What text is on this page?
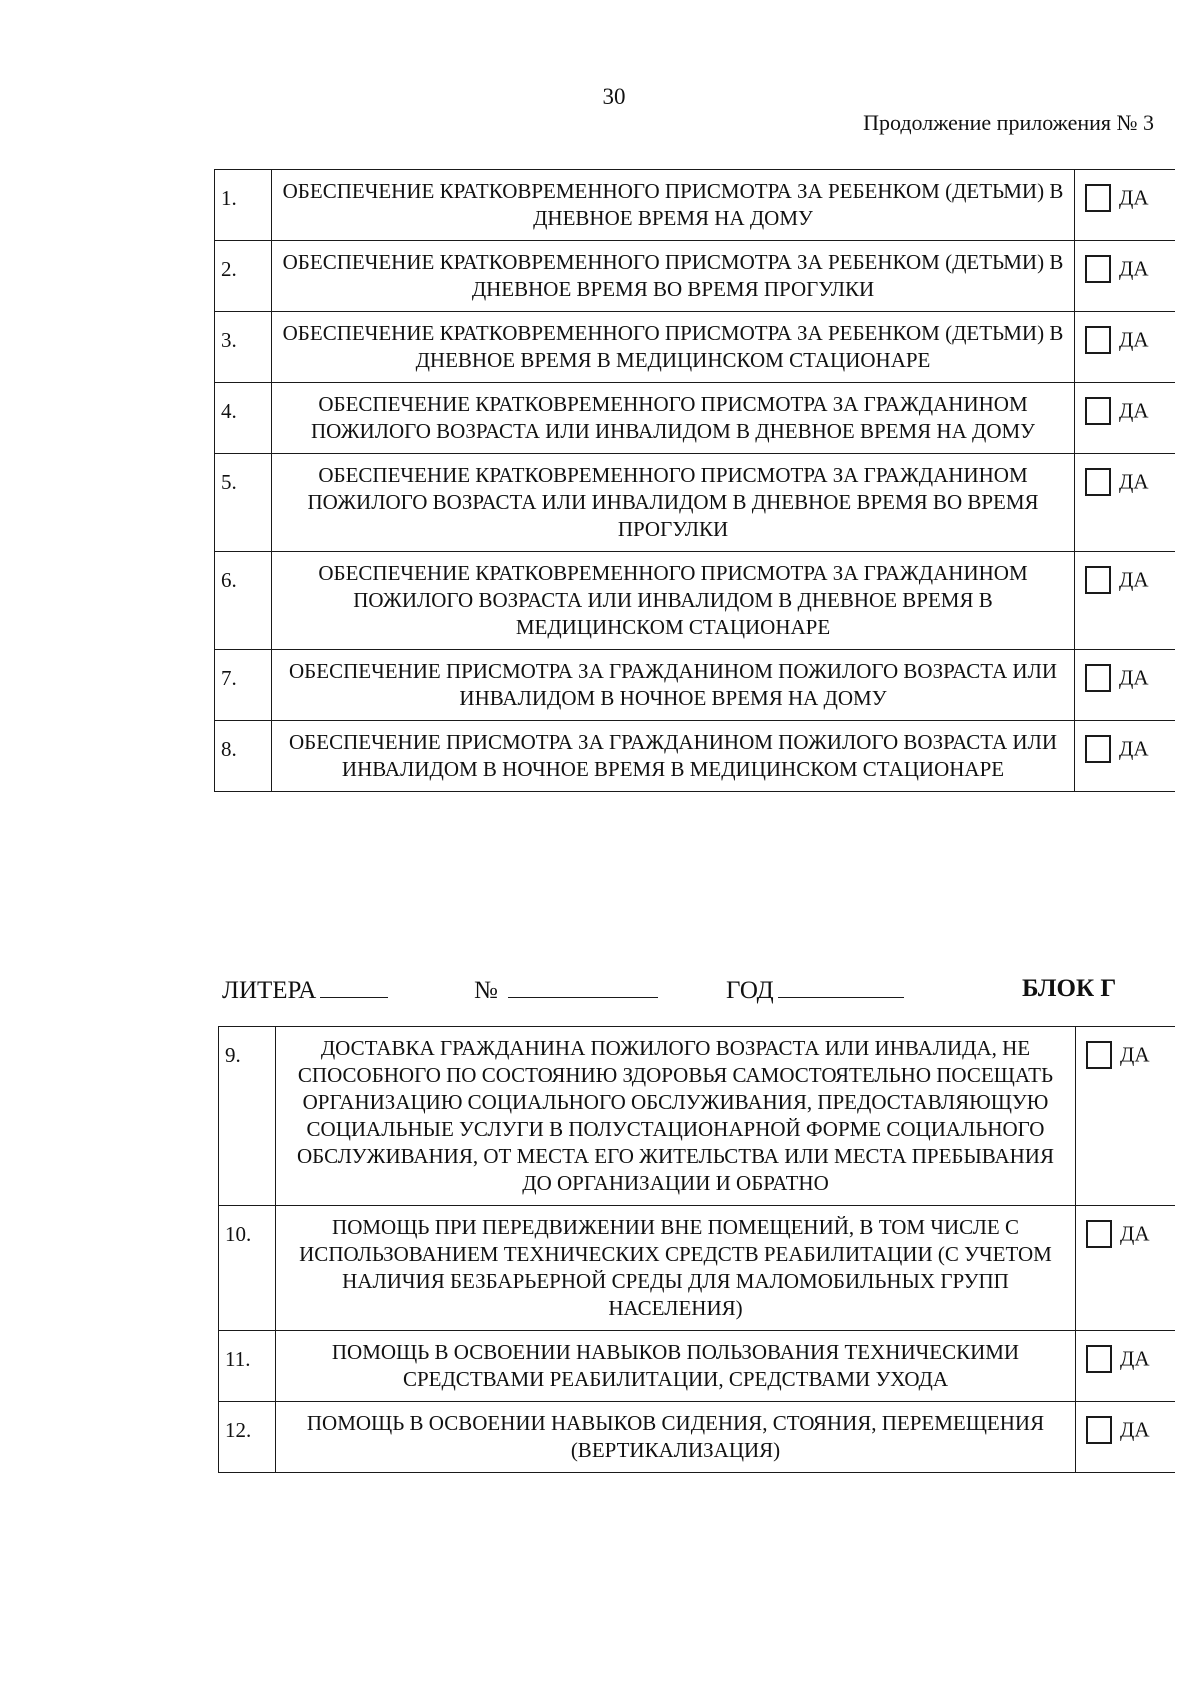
30
Продолжение приложения № 3
1.	ОБЕСПЕЧЕНИЕ КРАТКОВРЕМЕННОГО ПРИСМОТРА ЗА РЕБЕНКОМ (ДЕТЬМИ) В ДНЕВНОЕ ВРЕМЯ НА ДОМУ	ДА
2.	ОБЕСПЕЧЕНИЕ КРАТКОВРЕМЕННОГО ПРИСМОТРА ЗА РЕБЕНКОМ (ДЕТЬМИ) В ДНЕВНОЕ ВРЕМЯ ВО ВРЕМЯ ПРОГУЛКИ	ДА
3.	ОБЕСПЕЧЕНИЕ КРАТКОВРЕМЕННОГО ПРИСМОТРА ЗА РЕБЕНКОМ (ДЕТЬМИ) В ДНЕВНОЕ ВРЕМЯ В МЕДИЦИНСКОМ СТАЦИОНАРЕ	ДА
4.	ОБЕСПЕЧЕНИЕ КРАТКОВРЕМЕННОГО ПРИСМОТРА ЗА ГРАЖДАНИНОМ ПОЖИЛОГО ВОЗРАСТА ИЛИ ИНВАЛИДОМ В ДНЕВНОЕ ВРЕМЯ НА ДОМУ	ДА
5.	ОБЕСПЕЧЕНИЕ КРАТКОВРЕМЕННОГО ПРИСМОТРА ЗА ГРАЖДАНИНОМ ПОЖИЛОГО ВОЗРАСТА ИЛИ ИНВАЛИДОМ В ДНЕВНОЕ ВРЕМЯ ВО ВРЕМЯ ПРОГУЛКИ	ДА
6.	ОБЕСПЕЧЕНИЕ КРАТКОВРЕМЕННОГО ПРИСМОТРА ЗА ГРАЖДАНИНОМ ПОЖИЛОГО ВОЗРАСТА ИЛИ ИНВАЛИДОМ В ДНЕВНОЕ ВРЕМЯ В МЕДИЦИНСКОМ СТАЦИОНАРЕ	ДА
7.	ОБЕСПЕЧЕНИЕ ПРИСМОТРА ЗА ГРАЖДАНИНОМ ПОЖИЛОГО ВОЗРАСТА ИЛИ ИНВАЛИДОМ В НОЧНОЕ ВРЕМЯ НА ДОМУ	ДА
8.	ОБЕСПЕЧЕНИЕ ПРИСМОТРА ЗА ГРАЖДАНИНОМ ПОЖИЛОГО ВОЗРАСТА ИЛИ ИНВАЛИДОМ В НОЧНОЕ ВРЕМЯ В МЕДИЦИНСКОМ СТАЦИОНАРЕ	ДА
ЛИТЕРА	№	ГОД	БЛОК Г
9.	ДОСТАВКА ГРАЖДАНИНА ПОЖИЛОГО ВОЗРАСТА ИЛИ ИНВАЛИДА, НЕ СПОСОБНОГО ПО СОСТОЯНИЮ ЗДОРОВЬЯ САМОСТОЯТЕЛЬНО ПОСЕЩАТЬ ОРГАНИЗАЦИЮ СОЦИАЛЬНОГО ОБСЛУЖИВАНИЯ, ПРЕДОСТАВЛЯЮЩУЮ СОЦИАЛЬНЫЕ УСЛУГИ В ПОЛУСТАЦИОНАРНОЙ ФОРМЕ СОЦИАЛЬНОГО ОБСЛУЖИВАНИЯ, ОТ МЕСТА ЕГО ЖИТЕЛЬСТВА ИЛИ МЕСТА ПРЕБЫВАНИЯ ДО ОРГАНИЗАЦИИ И ОБРАТНО	ДА
10.	ПОМОЩЬ ПРИ ПЕРЕДВИЖЕНИИ ВНЕ ПОМЕЩЕНИЙ, В ТОМ ЧИСЛЕ С ИСПОЛЬЗОВАНИЕМ ТЕХНИЧЕСКИХ СРЕДСТВ РЕАБИЛИТАЦИИ (С УЧЕТОМ НАЛИЧИЯ БЕЗБАРЬЕРНОЙ СРЕДЫ ДЛЯ МАЛОМОБИЛЬНЫХ ГРУПП НАСЕЛЕНИЯ)	ДА
11.	ПОМОЩЬ В ОСВОЕНИИ НАВЫКОВ ПОЛЬЗОВАНИЯ ТЕХНИЧЕСКИМИ СРЕДСТВАМИ РЕАБИЛИТАЦИИ, СРЕДСТВАМИ УХОДА	ДА
12.	ПОМОЩЬ В ОСВОЕНИИ НАВЫКОВ СИДЕНИЯ, СТОЯНИЯ, ПЕРЕМЕЩЕНИЯ (ВЕРТИКАЛИЗАЦИЯ)	ДА
